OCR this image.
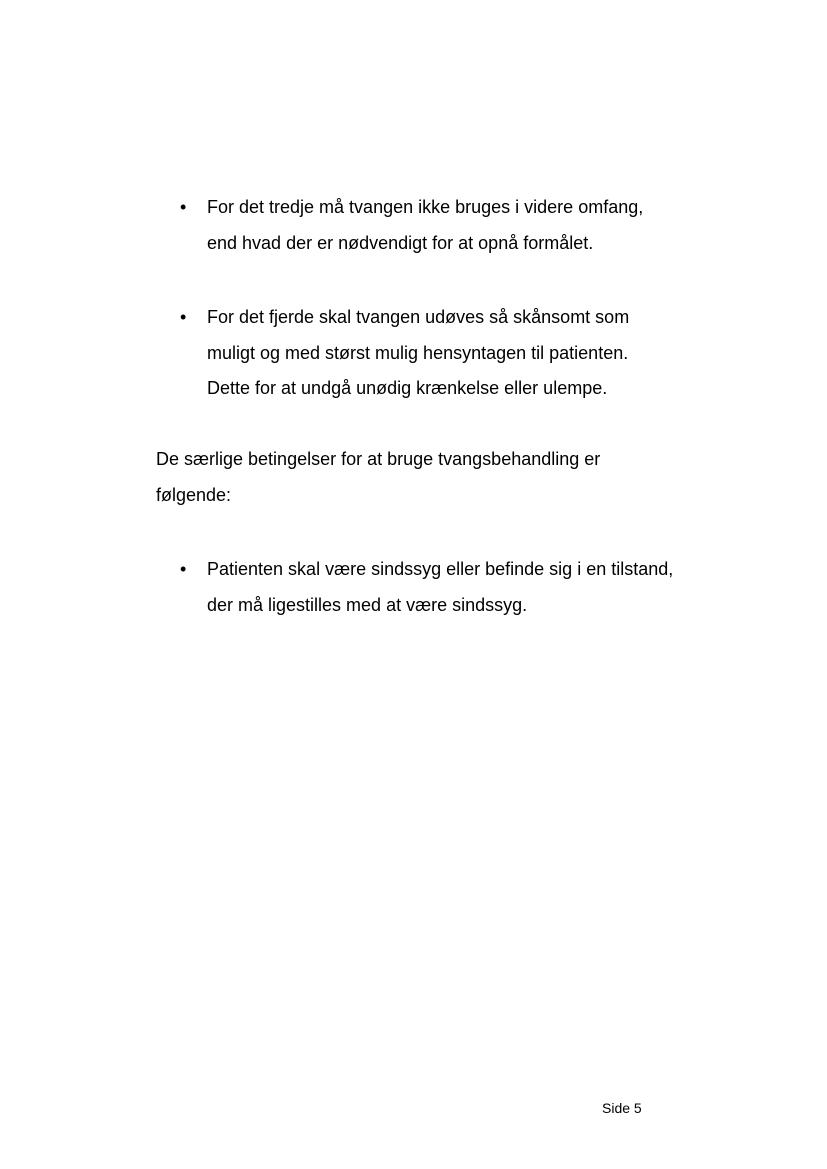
•	For det tredje må tvangen ikke bruges i videre omfang,
end hvad der er nødvendigt for at opnå formålet.
•	For det fjerde skal tvangen udøves så skånsomt som
muligt og med størst mulig hensyntagen til patienten.
Dette for at undgå unødig krænkelse eller ulempe.
De særlige betingelser for at bruge tvangsbehandling er
følgende:
•	Patienten skal være sindssyg eller befinde sig i en tilstand,
der må ligestilles med at være sindssyg.
Side 5
